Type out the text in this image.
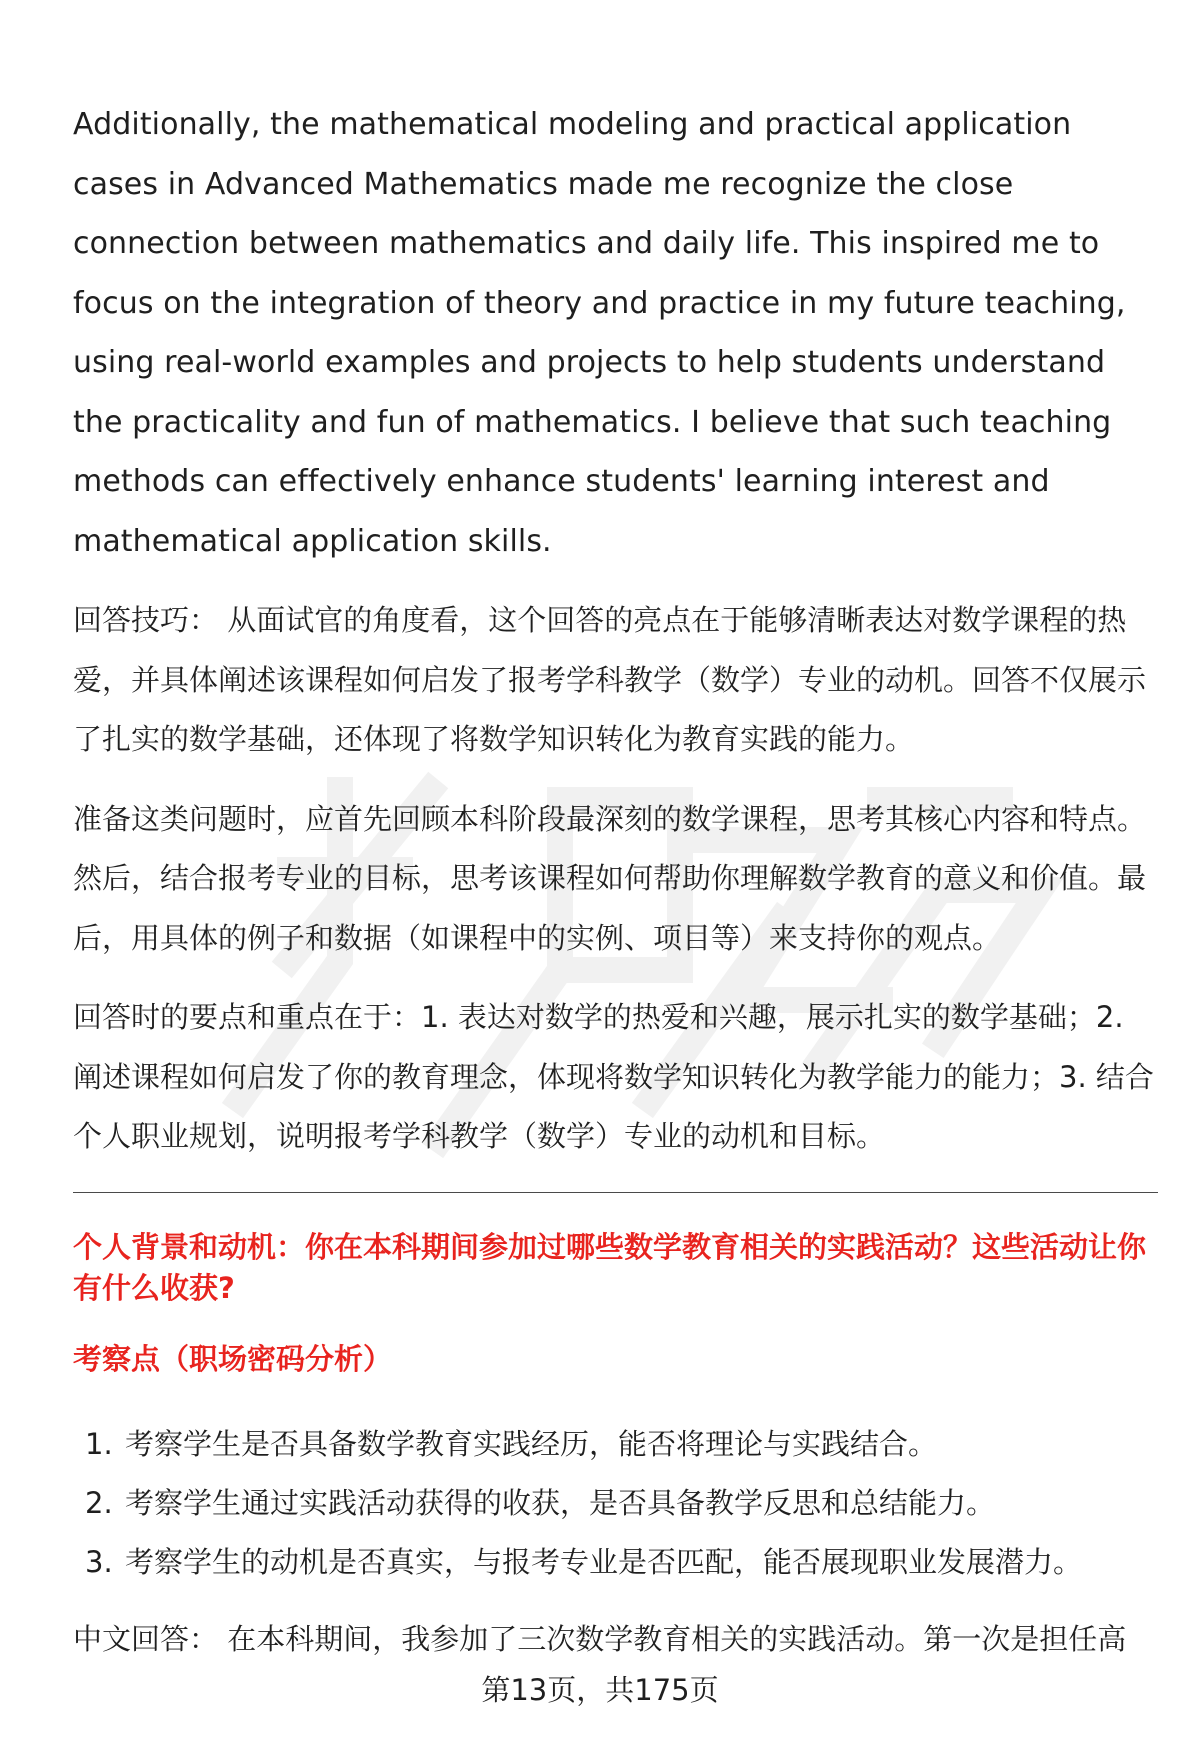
Additionally, the mathematical modeling and practical application cases in Advanced Mathematics made me recognize the close connection between mathematics and daily life. This inspired me to focus on the integration of theory and practice in my future teaching, using real-world examples and projects to help students understand the practicality and fun of mathematics. I believe that such teaching methods can effectively enhance students' learning interest and mathematical application skills.

回答技巧： 从面试官的角度看，这个回答的亮点在于能够清晰表达对数学课程的热爱，并具体阐述该课程如何启发了报考学科教学（数学）专业的动机。回答不仅展示了扎实的数学基础，还体现了将数学知识转化为教育实践的能力。

准备这类问题时，应首先回顾本科阶段最深刻的数学课程，思考其核心内容和特点。然后，结合报考专业的目标，思考该课程如何帮助你理解数学教育的意义和价值。最后，用具体的例子和数据（如课程中的实例、项目等）来支持你的观点。

回答时的要点和重点在于：1. 表达对数学的热爱和兴趣，展示扎实的数学基础；2. 阐述课程如何启发了你的教育理念，体现将数学知识转化为教学能力的能力；3. 结合个人职业规划，说明报考学科教学（数学）专业的动机和目标。

个人背景和动机：你在本科期间参加过哪些数学教育相关的实践活动？这些活动让你有什么收获?
考察点（职场密码分析）
1. 考察学生是否具备数学教育实践经历，能否将理论与实践结合。
2. 考察学生通过实践活动获得的收获，是否具备教学反思和总结能力。
3. 考察学生的动机是否真实，与报考专业是否匹配，能否展现职业发展潜力。
中文回答： 在本科期间，我参加了三次数学教育相关的实践活动。第一次是担任高
第13页，共175页
